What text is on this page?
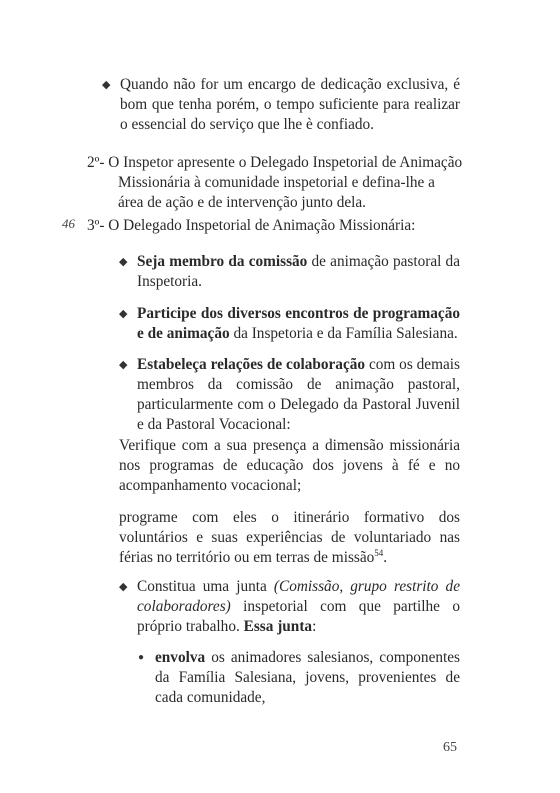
◆ Quando não for um encargo de dedicação exclusiva, é bom que tenha porém, o tempo suficiente para realizar o essencial do serviço que lhe è confiado.
2º- O Inspetor apresente o Delegado Inspetorial de Animação Missionária à comunidade inspetorial e defina-lhe a área de ação e de intervenção junto dela.
46 3º- O Delegado Inspetorial de Animação Missionária:
◆ Seja membro da comissão de animação pastoral da Inspetoria.
◆ Participe dos diversos encontros de programação e de animação da Inspetoria e da Família Salesiana.
◆ Estabeleça relações de colaboração com os demais membros da comissão de animação pastoral, particularmente com o Delegado da Pastoral Juvenil e da Pastoral Vocacional:
Verifique com a sua presença a dimensão missionária nos programas de educação dos jovens à fé e no acompanhamento vocacional;
programe com eles o itinerário formativo dos voluntários e suas experiências de voluntariado nas férias no território ou em terras de missão$^{54}$.
◆ Constitua uma junta (Comissão, grupo restrito de colaboradores) inspetorial com que partilhe o próprio trabalho. Essa junta:
● envolva os animadores salesianos, componentes da Família Salesiana, jovens, provenientes de cada comunidade,
65
